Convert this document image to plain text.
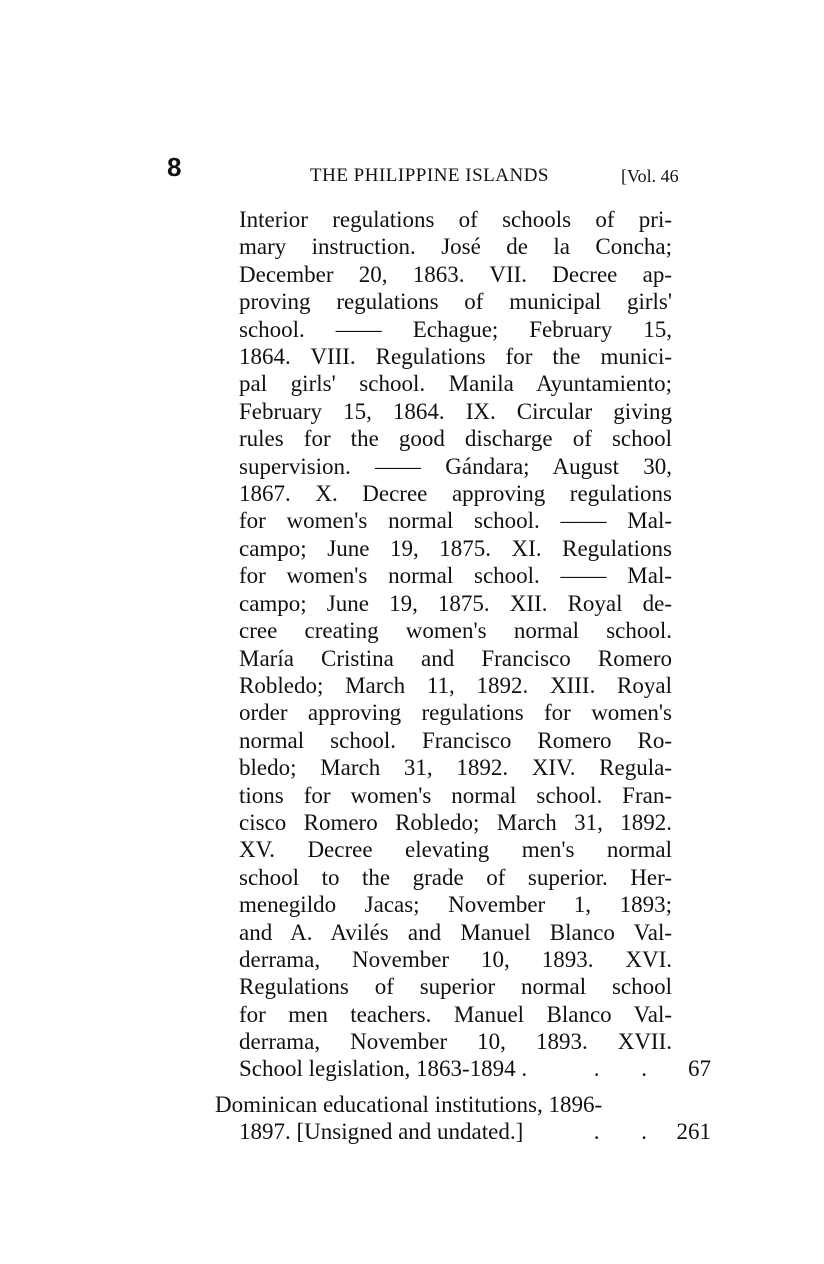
8	THE PHILIPPINE ISLANDS	[Vol. 46
Interior regulations of schools of pri-
mary instruction. José de la Concha;
December 20, 1863. VII. Decree ap-
proving regulations of municipal girls'
school. —— Echague; February 15,
1864. VIII. Regulations for the munici-
pal girls' school. Manila Ayuntamiento;
February 15, 1864. IX. Circular giving
rules for the good discharge of school
supervision. —— Gándara; August 30,
1867. X. Decree approving regulations
for women's normal school. —— Mal-
campo; June 19, 1875. XI. Regulations
for women's normal school. —— Mal-
campo; June 19, 1875. XII. Royal de-
cree creating women's normal school.
María Cristina and Francisco Romero
Robledo; March 11, 1892. XIII. Royal
order approving regulations for women's
normal school. Francisco Romero Ro-
bledo; March 31, 1892. XIV. Regula-
tions for women's normal school. Fran-
cisco Romero Robledo; March 31, 1892.
XV. Decree elevating men's normal
school to the grade of superior. Her-
menegildo Jacas; November 1, 1893;
and A. Avilés and Manuel Blanco Val-
derrama, November 10, 1893. XVI.
Regulations of superior normal school
for men teachers. Manuel Blanco Val-
derrama, November 10, 1893. XVII.
School legislation, 1863-1894 .	. .	67
Dominican educational institutions, 1896-
1897. [Unsigned and undated.]	. . 261
